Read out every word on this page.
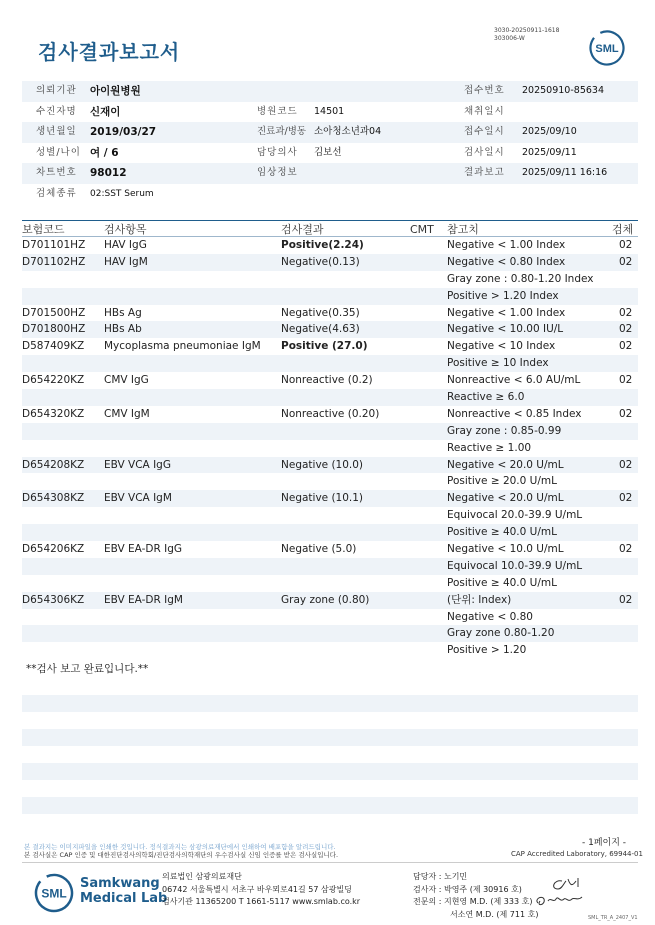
3030-20250911-1618
303006-W
검사결과보고서	SML
의뢰기관 아이원병원	접수번호 20250910-85634
수진자명 신재이	병원코드 14501	채취일시
생년월일 2019/03/27	진료과/병동 소아청소년과04	접수일시 2025/09/10
성별/나이 여 / 6	담당의사 김보선	검사일시 2025/09/11
차트번호 98012	임상정보	결과보고 2025/09/11 16:16
검체종류 02:SST Serum
보험코드	검사항목	검사결과	CMT 참고치	검체
D701101HZ HAV IgG	Positive(2.24)	Negative < 1.00 Index	02
D701102HZ HAV IgM	Negative(0.13)	Negative < 0.80 Index	02
Gray zone : 0.80-1.20 Index
Positive > 1.20 Index
D701500HZ HBs Ag	Negative(0.35)	Negative < 1.00 Index	02
D701800HZ HBs Ab	Negative(4.63)	Negative < 10.00 IU/L	02
D587409KZ Mycoplasma pneumoniae IgM Positive (27.0)	Negative < 10 Index	02
Positive ≥ 10 Index
D654220KZ CMV IgG	Nonreactive (0.2)	Nonreactive < 6.0 AU/mL	02
Reactive ≥ 6.0
D654320KZ CMV IgM	Nonreactive (0.20)	Nonreactive < 0.85 Index	02
Gray zone : 0.85-0.99
Reactive ≥ 1.00
D654208KZ EBV VCA IgG	Negative (10.0)	Negative < 20.0 U/mL	02
Positive ≥ 20.0 U/mL
D654308KZ EBV VCA IgM	Negative (10.1)	Negative < 20.0 U/mL	02
Equivocal 20.0-39.9 U/mL
Positive ≥ 40.0 U/mL
D654206KZ EBV EA-DR IgG	Negative (5.0)	Negative < 10.0 U/mL	02
Equivocal 10.0-39.9 U/mL
Positive ≥ 40.0 U/mL
D654306KZ EBV EA-DR IgM	Gray zone (0.80)	(단위: Index)	02
Negative < 0.80
Gray zone 0.80-1.20
Positive > 1.20
**검사 보고 완료입니다.**
- 1페이지 -
본 결과지는 이미지파일을 인쇄한 것입니다. 정식결과지는 삼광의료재단에서 인쇄하여 배포함을 알려드립니다.
본 검사실은 CAP 인증 및 대한진단검사의학회/진단검사의학재단의 우수검사실 신임 인증를 받은 검사실입니다.	CAP Accredited Laboratory, 69944-01
SML
Samkwang
Medical Lab
의료법인 삼광의료재단
06742 서울특별시 서초구 바우뫼로41길 57 삼광빌딩
검사기관 11365200 T 1661-5117 www.smlab.co.kr
담당자 : 노기민
검사자 : 박영주 (제 30916 호)
전문의 : 지현영 M.D. (제 333 호)
서소연 M.D. (제 711 호)	SML_TR_A_2407_V1
